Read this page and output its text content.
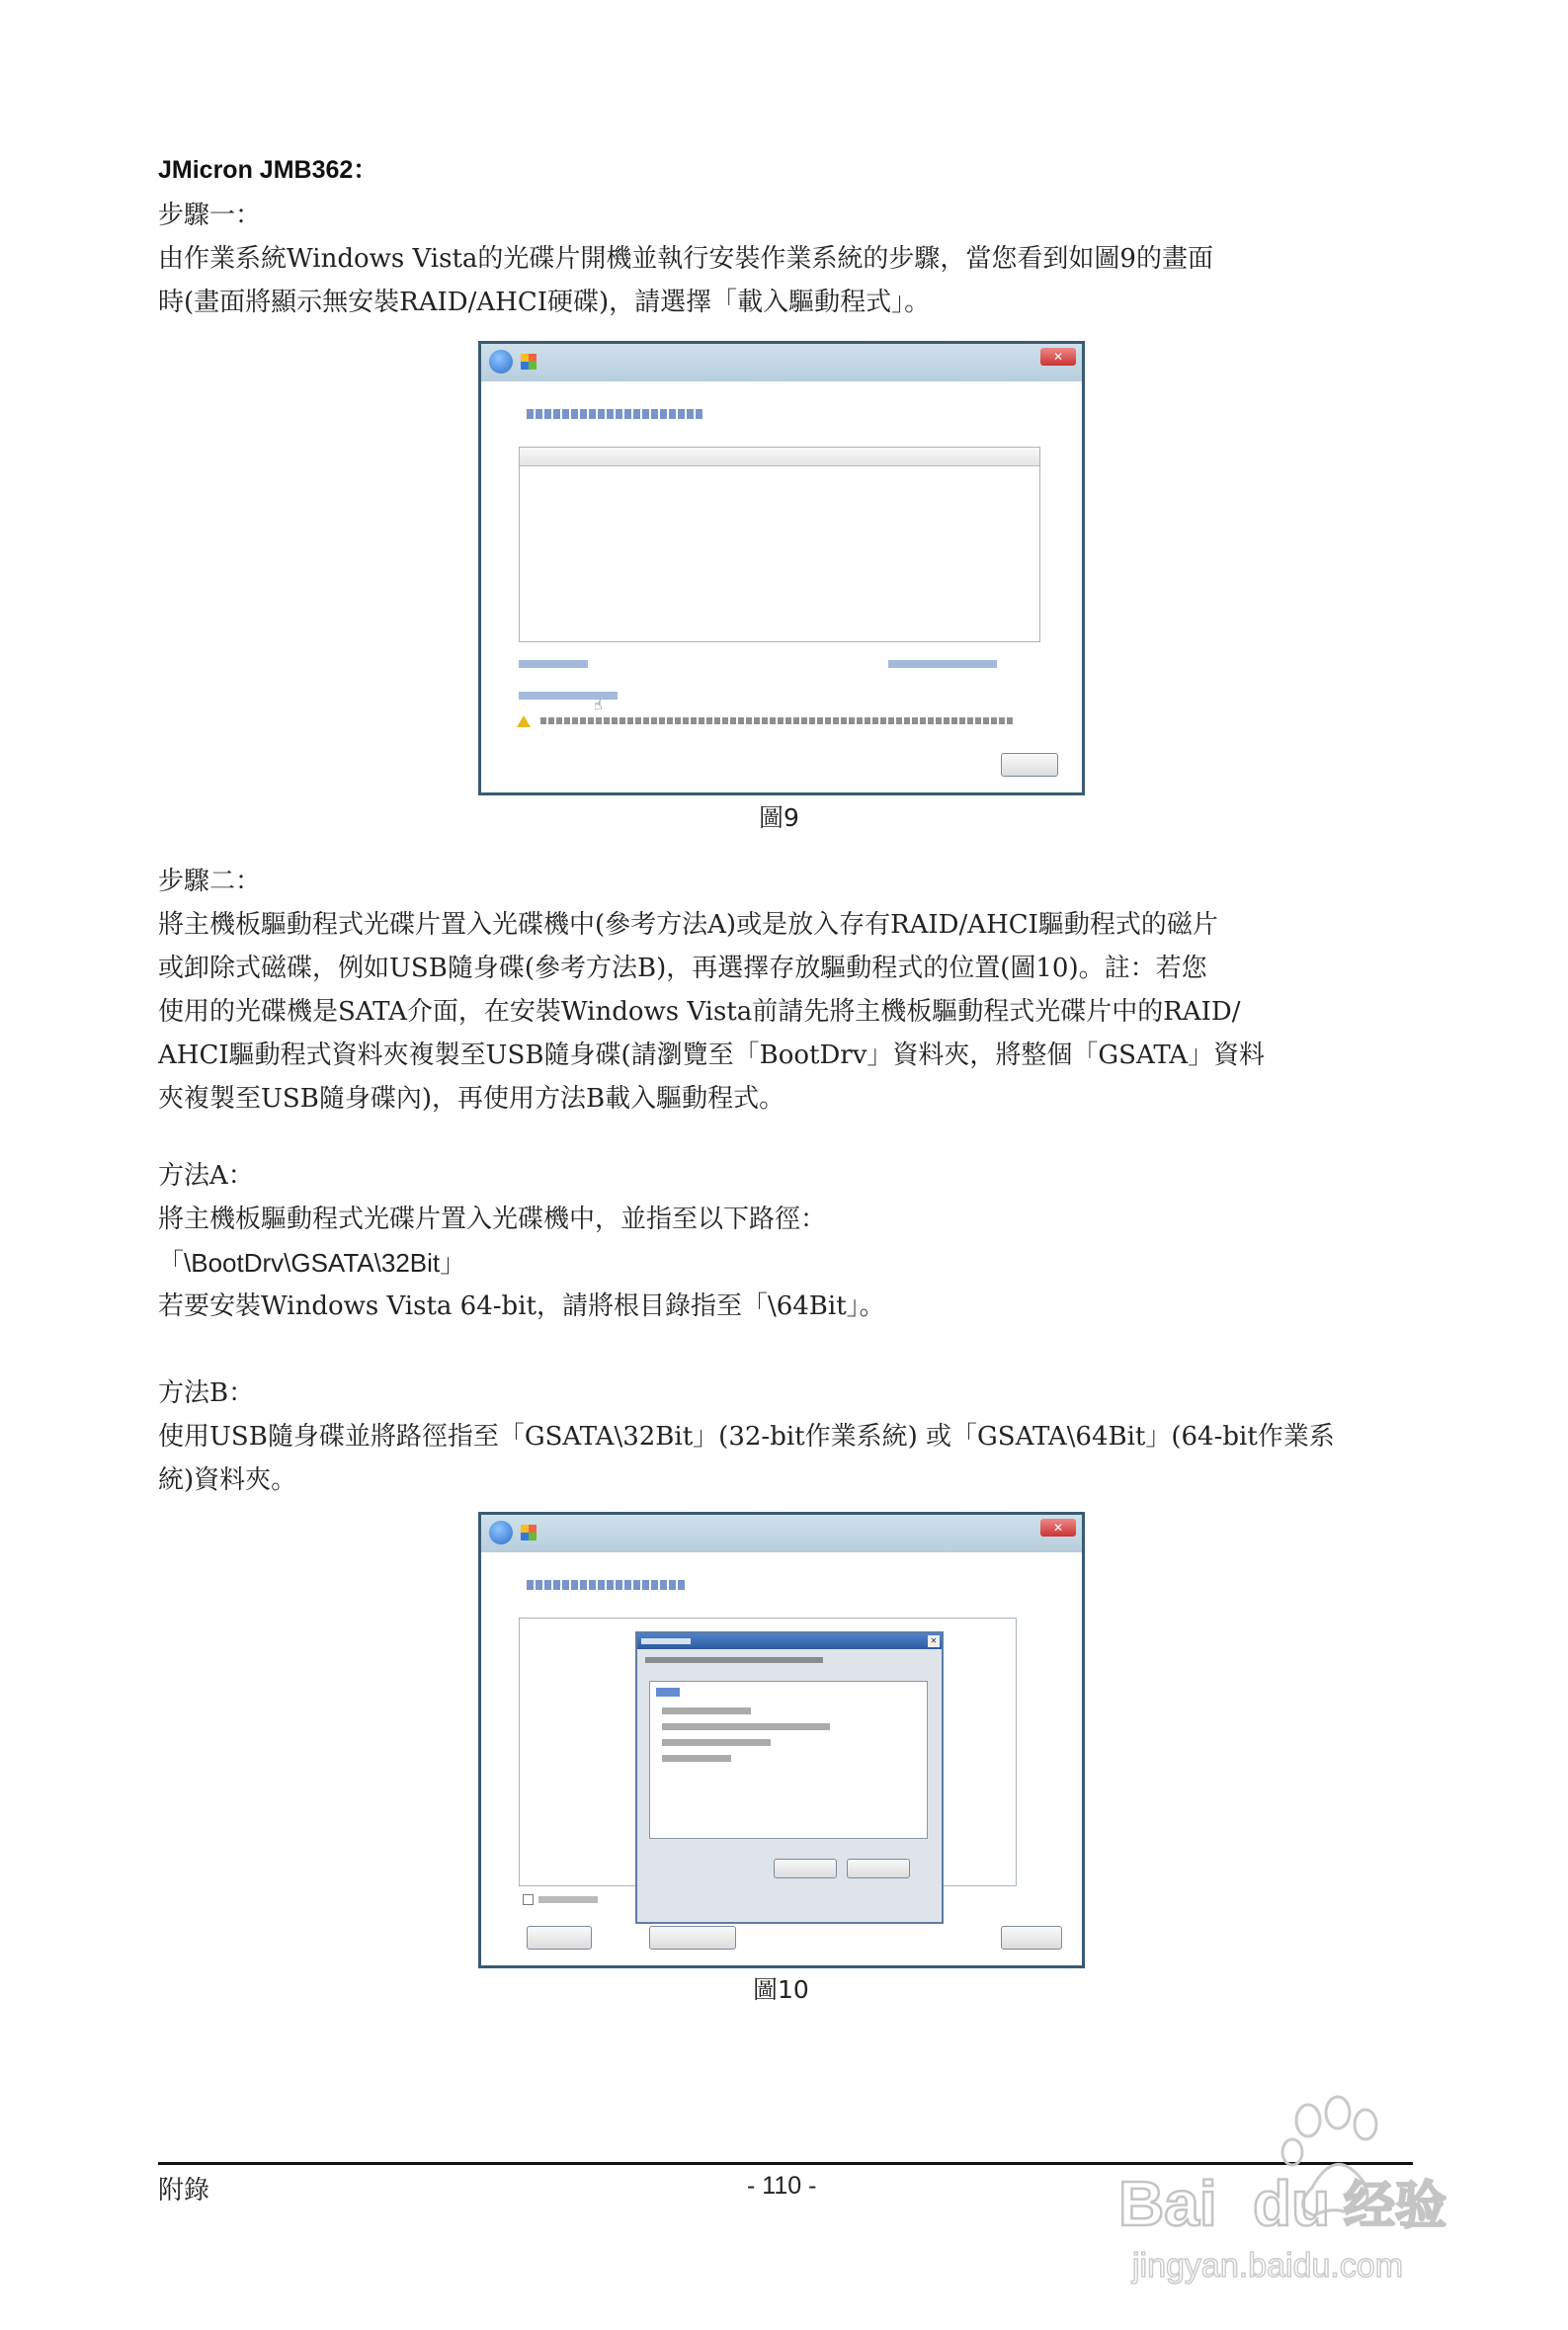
JMicron JMB362：
步驟一：
由作業系統Windows Vista的光碟片開機並執行安裝作業系統的步驟，當您看到如圖9的畫面
時(畫面將顯示無安裝RAID/AHCI硬碟)，請選擇「載入驅動程式」。
✕
☝
圖9
步驟二：
將主機板驅動程式光碟片置入光碟機中(參考方法A)或是放入存有RAID/AHCI驅動程式的磁片
或卸除式磁碟，例如USB隨身碟(參考方法B)，再選擇存放驅動程式的位置(圖10)。註：若您
使用的光碟機是SATA介面，在安裝Windows Vista前請先將主機板驅動程式光碟片中的RAID/
AHCI驅動程式資料夾複製至USB隨身碟(請瀏覽至「BootDrv」資料夾，將整個「GSATA」資料
夾複製至USB隨身碟內)，再使用方法B載入驅動程式。
方法A：
將主機板驅動程式光碟片置入光碟機中，並指至以下路徑：
「\BootDrv\GSATA\32Bit」
若要安裝Windows Vista 64-bit，請將根目錄指至「\64Bit」。
方法B：
使用USB隨身碟並將路徑指至「GSATA\32Bit」(32-bit作業系統) 或「GSATA\64Bit」(64-bit作業系
統)資料夾。
✕
✕
圖10
附錄	- 110 -	Bai du 经验
jingyan.baidu.com
